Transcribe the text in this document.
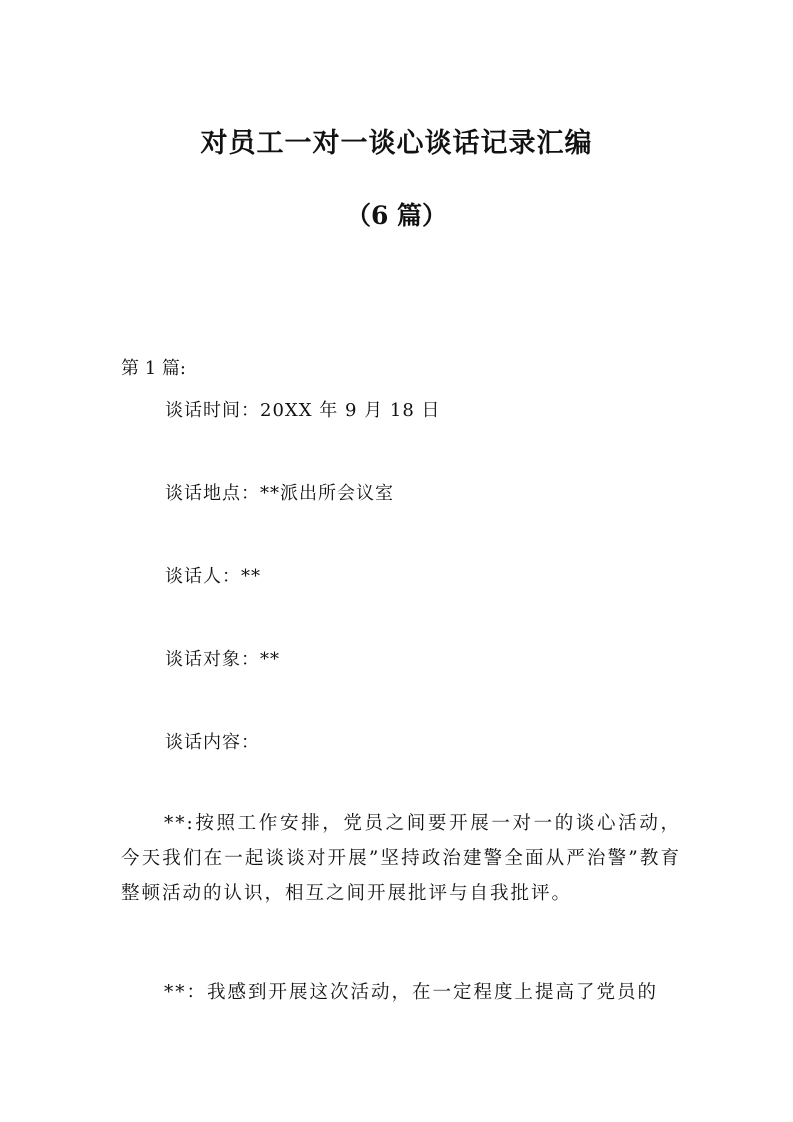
对员工一对一谈心谈话记录汇编
（6 篇）
第 1 篇:
谈话时间：20XX 年 9 月 18 日
谈话地点：**派出所会议室
谈话人：**
谈话对象：**
谈话内容：
**:按照工作安排，党员之间要开展一对一的谈心活动，今天我们在一起谈谈对开展”坚持政治建警全面从严治警”教育整顿活动的认识，相互之间开展批评与自我批评。
**：我感到开展这次活动，在一定程度上提高了党员的
